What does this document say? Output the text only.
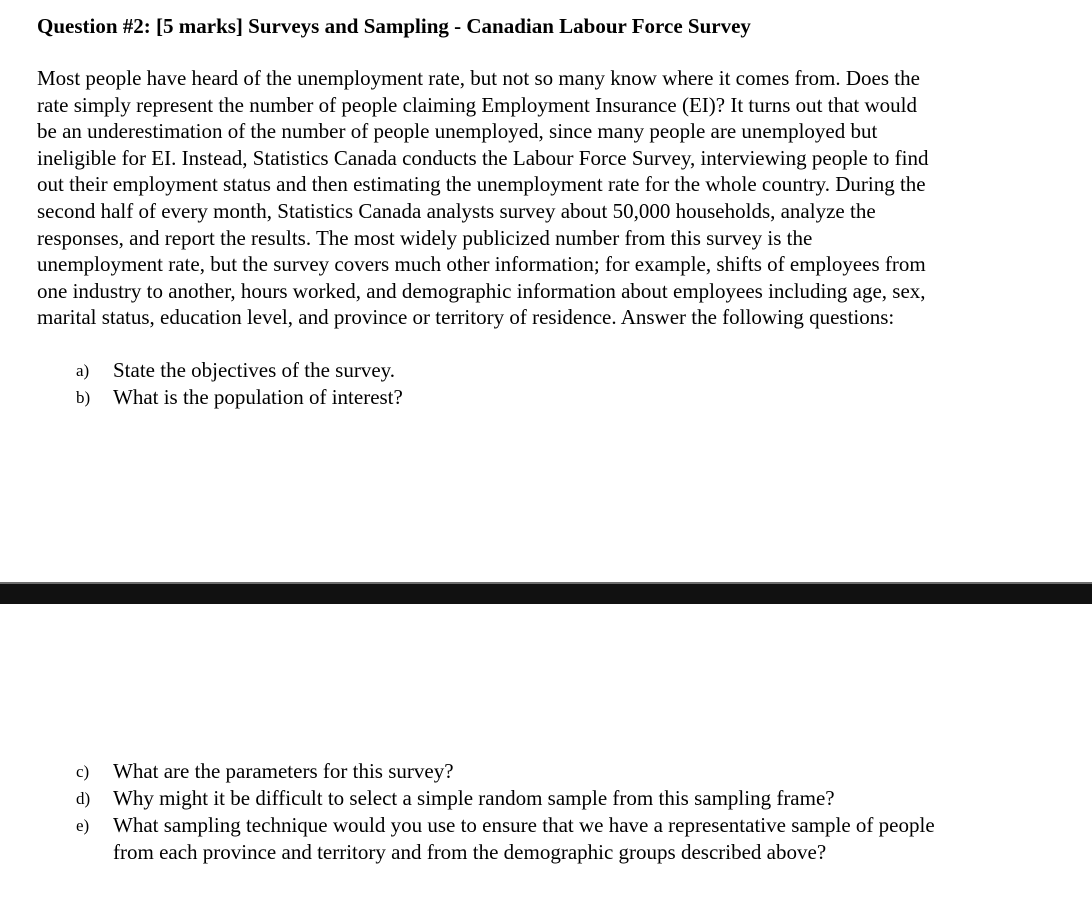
Question #2: [5 marks] Surveys and Sampling - Canadian Labour Force Survey

Most people have heard of the unemployment rate, but not so many know where it comes from. Does the
rate simply represent the number of people claiming Employment Insurance (EI)? It turns out that would
be an underestimation of the number of people unemployed, since many people are unemployed but
ineligible for EI. Instead, Statistics Canada conducts the Labour Force Survey, interviewing people to find
out their employment status and then estimating the unemployment rate for the whole country. During the
second half of every month, Statistics Canada analysts survey about 50,000 households, analyze the
responses, and report the results. The most widely publicized number from this survey is the
unemployment rate, but the survey covers much other information; for example, shifts of employees from
one industry to another, hours worked, and demographic information about employees including age, sex,
marital status, education level, and province or territory of residence. Answer the following questions:

a) State the objectives of the survey.
b) What is the population of interest?
c) What are the parameters for this survey?
d) Why might it be difficult to select a simple random sample from this sampling frame?
e) What sampling technique would you use to ensure that we have a representative sample of people
from each province and territory and from the demographic groups described above?
